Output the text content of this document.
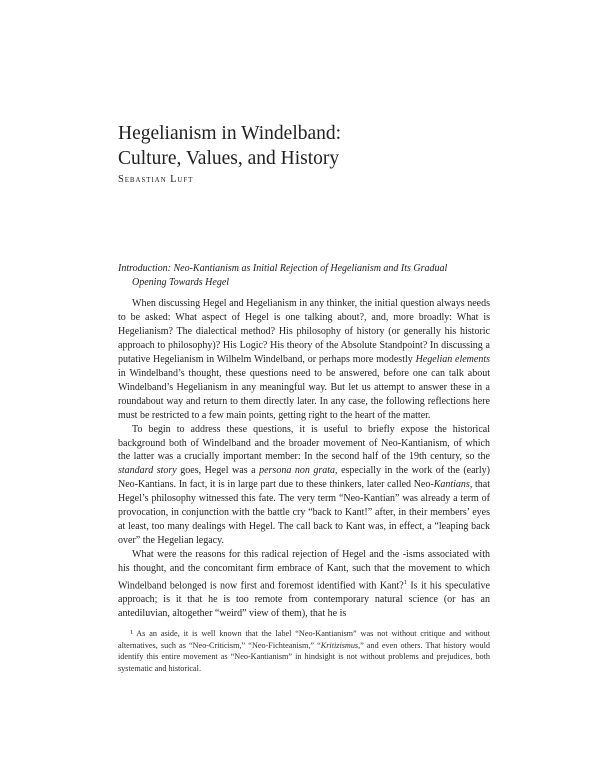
Hegelianism in Windelband:
Culture, Values, and History
Sebastian Luft
Introduction: Neo-Kantianism as Initial Rejection of Hegelianism and Its Gradual
Opening Towards Hegel

When discussing Hegel and Hegelianism in any thinker, the initial question always needs to be asked: What aspect of Hegel is one talking about?, and, more broadly: What is Hegelianism? The dialectical method? His philosophy of history (or generally his historic approach to philosophy)? His Logic? His theory of the Absolute Standpoint? In discussing a putative Hegelianism in Wilhelm Windelband, or perhaps more modestly Hegelian elements in Windelband’s thought, these questions need to be answered, before one can talk about Windelband’s Hegelianism in any meaningful way. But let us attempt to answer these in a roundabout way and return to them directly later. In any case, the following reflections here must be restricted to a few main points, getting right to the heart of the matter.

To begin to address these questions, it is useful to briefly expose the historical background both of Windelband and the broader movement of Neo-Kantianism, of which the latter was a crucially important member: In the second half of the 19th century, so the standard story goes, Hegel was a persona non grata, especially in the work of the (early) Neo-Kantians. In fact, it is in large part due to these thinkers, later called Neo-Kantians, that Hegel’s philosophy witnessed this fate. The very term “Neo-Kantian” was already a term of provocation, in conjunction with the battle cry “back to Kant!” after, in their members’ eyes at least, too many dealings with Hegel. The call back to Kant was, in effect, a “leaping back over” the Hegelian legacy.

What were the reasons for this radical rejection of Hegel and the -isms associated with his thought, and the concomitant firm embrace of Kant, such that the movement to which Windelband belonged is now first and foremost identified with Kant?$^1$ Is it his speculative approach; is it that he is too remote from contemporary natural science (or has an antediluvian, altogether “weird” view of them), that he is

$^1$ As an aside, it is well known that the label “Neo-Kantianism” was not without critique and without alternatives, such as “Neo-Criticism,” “Neo-Fichteanism,” “Kritizismus,” and even others. That history would identify this entire movement as “Neo-Kantianism” in hindsight is not without problems and prejudices, both systematic and historical.
